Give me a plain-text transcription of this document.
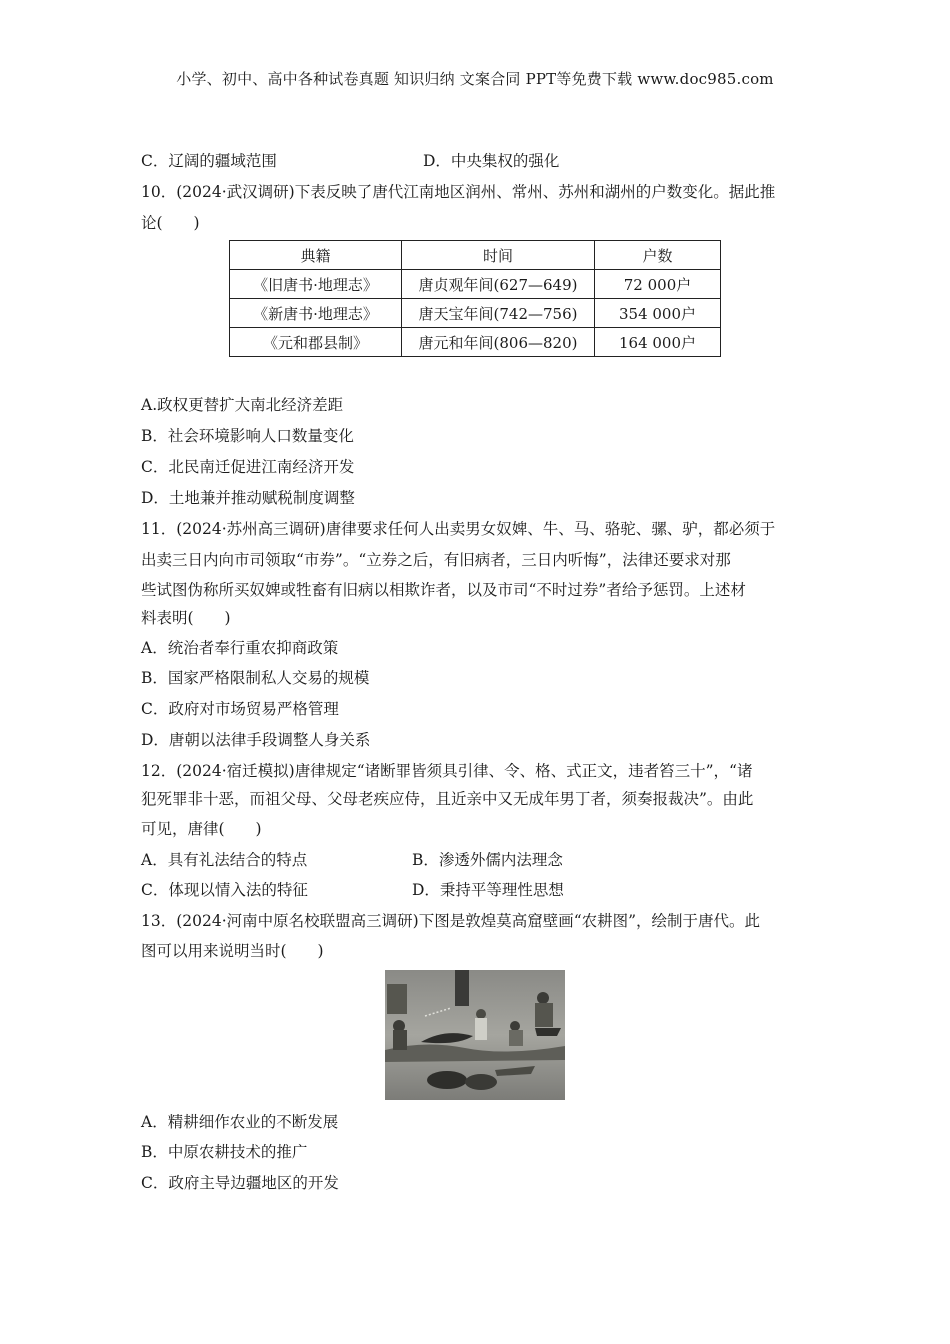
小学、初中、高中各种试卷真题 知识归纳 文案合同 PPT等免费下载 www.doc985.com
C．辽阔的疆域范围	D．中央集权的强化
10．(2024·武汉调研)下表反映了唐代江南地区润州、常州、苏州和湖州的户数变化。据此推
论(　　)
典籍	时间	户数
《旧唐书·地理志》	唐贞观年间(627—649)	72 000户
《新唐书·地理志》	唐天宝年间(742—756)	354 000户
《元和郡县制》	唐元和年间(806—820)	164 000户
A.政权更替扩大南北经济差距
B．社会环境影响人口数量变化
C．北民南迁促进江南经济开发
D．土地兼并推动赋税制度调整
11．(2024·苏州高三调研)唐律要求任何人出卖男女奴婢、牛、马、骆驼、骡、驴，都必须于
出卖三日内向市司领取“市券”。“立券之后，有旧病者，三日内听悔”，法律还要求对那
些试图伪称所买奴婢或牲畜有旧病以相欺诈者，以及市司“不时过券”者给予惩罚。上述材
料表明(　　)
A．统治者奉行重农抑商政策
B．国家严格限制私人交易的规模
C．政府对市场贸易严格管理
D．唐朝以法律手段调整人身关系
12．(2024·宿迁模拟)唐律规定“诸断罪皆须具引律、令、格、式正文，违者笞三十”，“诸
犯死罪非十恶，而祖父母、父母老疾应侍，且近亲中又无成年男丁者，须奏报裁决”。由此
可见，唐律(　　)
A．具有礼法结合的特点	B．渗透外儒内法理念
C．体现以情入法的特征	D．秉持平等理性思想
13．(2024·河南中原名校联盟高三调研)下图是敦煌莫高窟壁画“农耕图”，绘制于唐代。此
图可以用来说明当时(　　)
A．精耕细作农业的不断发展
B．中原农耕技术的推广
C．政府主导边疆地区的开发
